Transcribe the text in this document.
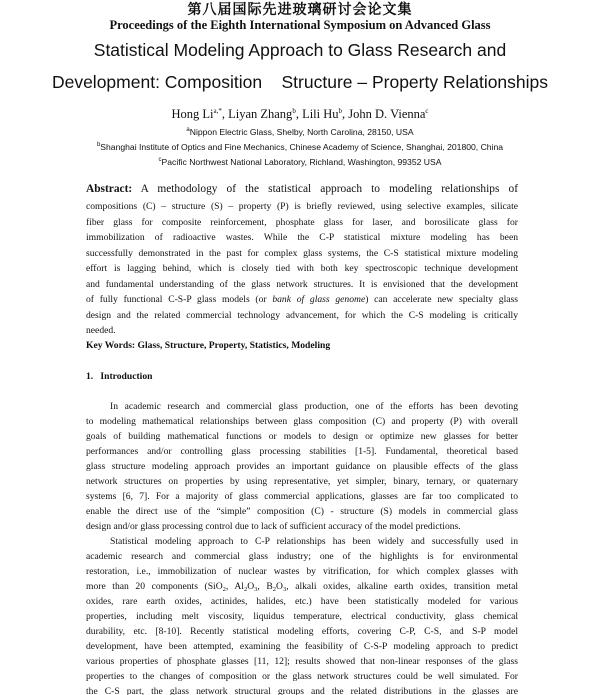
第八届国际先进玻璃研讨会论文集
Proceedings of the Eighth International Symposium on Advanced Glass
Statistical Modeling Approach to Glass Research and
Development: Composition    Structure – Property Relationships
Hong $Li^{a,*}$, Liyan Zhang$^b$, Lili Hu$^b$, John D. Vienna$^c$
$^a$Nippon Electric Glass, Shelby, North Carolina, 28150, USA
$^b$Shanghai Institute of Optics and Fine Mechanics, Chinese Academy of Science, Shanghai, 201800, China
$^c$Pacific Northwest National Laboratory, Richland, Washington, 99352 USA
Abstract: A methodology of the statistical approach to modeling relationships of
compositions (C) – structure (S) – property (P) is briefly reviewed, using selective examples, silicate
fiber glass for composite reinforcement, phosphate glass for laser, and borosilicate glass for
immobilization of radioactive wastes. While the C-P statistical mixture modeling has been
successfully demonstrated in the past for complex glass systems, the C-S statistical mixture modeling
effort is lagging behind, which is closely tied with both key spectroscopic technique development
and fundamental understanding of the glass network structures. It is envisioned that the development
of fully functional C-S-P glass models (or bank of glass genome) can accelerate new specialty glass
design and the related commercial technology advancement, for which the C-S modeling is critically
needed.
Key Words: Glass, Structure, Property, Statistics, Modeling
1. Introduction
In academic research and commercial glass production, one of the efforts has been devoting
to modeling mathematical relationships between glass composition (C) and property (P) with overall
goals of building mathematical functions or models to design or optimize new glasses for better
performances and/or controlling glass processing stabilities [1-5]. Fundamental, theoretical based
glass structure modeling approach provides an important guidance on plausible effects of the glass
network structures on properties by using representative, yet simpler, binary, ternary, or quaternary
systems [6, 7]. For a majority of glass commercial applications, glasses are far too complicated to
enable the direct use of the “simple” composition (C) - structure (S) models in commercial glass
design and/or glass processing control due to lack of sufficient accuracy of the model predictions.
Statistical modeling approach to C-P relationships has been widely and successfully used in
academic research and commercial glass industry; one of the highlights is for environmental
restoration, i.e., immobilization of nuclear wastes by vitrification, for which complex glasses with
more than 20 components (SiO$_2$, $Al_2O_3$, $B_2O_3$, alkali oxides, alkaline earth oxides, transition metal
oxides, rare earth oxides, actinides, halides, etc.) have been statistically modeled for various
properties, including melt viscosity, liquidus temperature, electrical conductivity, glass chemical
durability, etc. [8-10]. Recently statistical modeling efforts, covering C-P, C-S, and S-P model
development, have been attempted, examining the feasibility of C-S-P modeling approach to predict
various properties of phosphate glasses [11, 12]; results showed that non-linear responses of the glass
properties to the changes of composition or the glass network structures could be well simulated. For
the C-S part, the glass network structural groups and the related distributions in the glasses are
